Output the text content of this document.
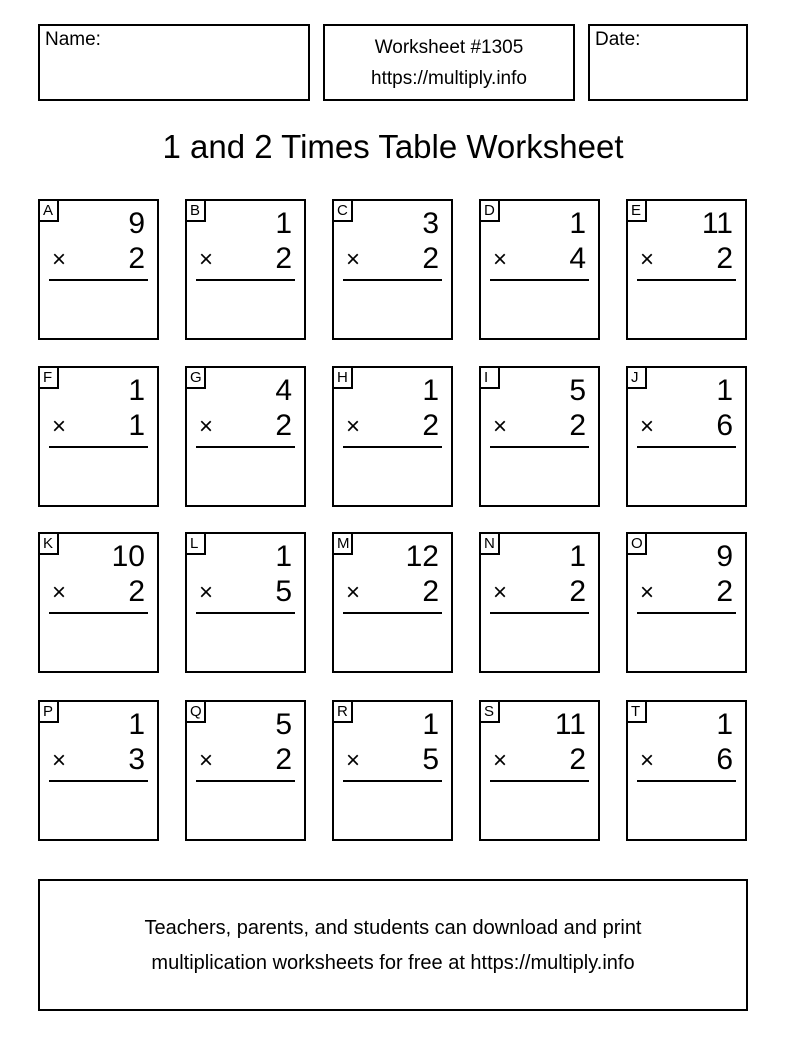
Name:	Worksheet #1305
https://multiply.info
Date:
1 and 2 Times Table Worksheet
A	9
× 2
B	1
× 2
C 3
× 2
D 1
× 4
E 11
× 2
F	1
× 1
G 4
× 2
H 1
× 2
I	5
× 2
J	1
× 6
K 10
× 2
L	1
× 5
M 12
× 2
N 1
× 2
O 9
× 2
P	1
× 3
Q 5
× 2
R 1
× 5
S 11
× 2
T	1
× 6
Teachers, parents, and students can download and print
multiplication worksheets for free at https://multiply.info
